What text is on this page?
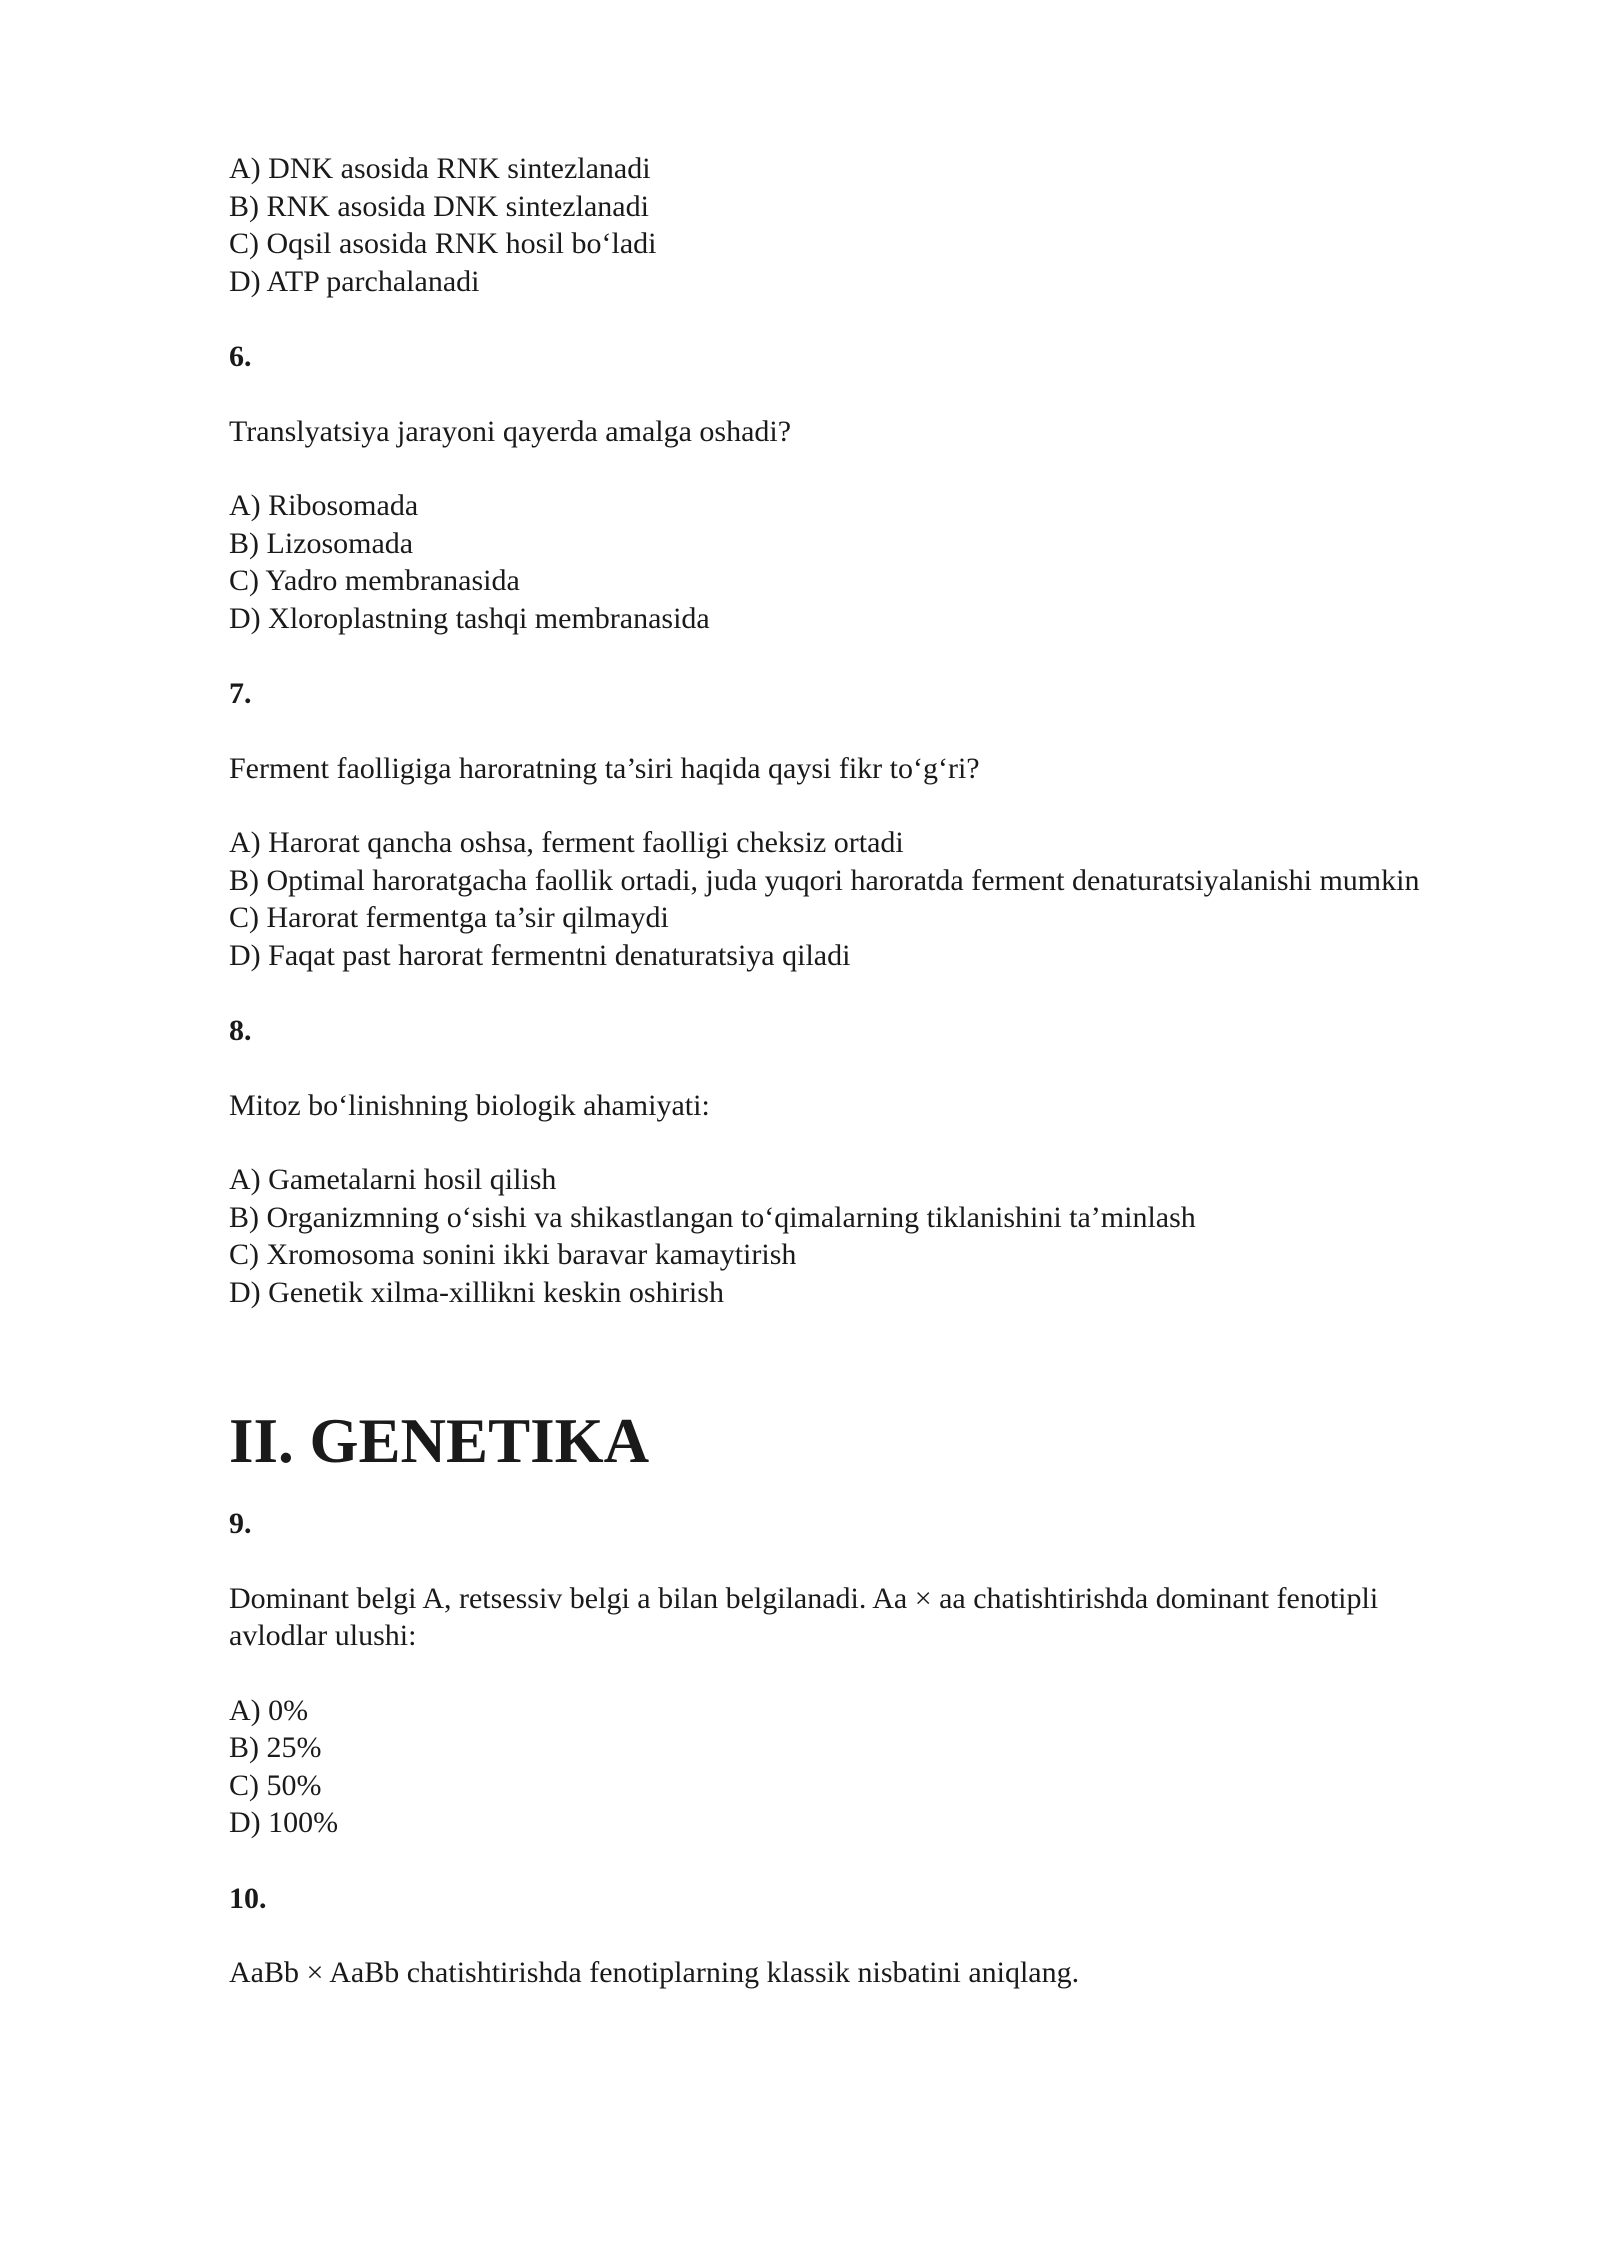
A) DNK asosida RNK sintezlanadi

B) RNK asosida DNK sintezlanadi

C) Oqsil asosida RNK hosil bo‘ladi

D) ATP parchalanadi

6.

Translyatsiya jarayoni qayerda amalga oshadi?

A) Ribosomada

B) Lizosomada

C) Yadro membranasida

D) Xloroplastning tashqi membranasida

7.

Ferment faolligiga haroratning ta’siri haqida qaysi fikr to‘g‘ri?

A) Harorat qancha oshsa, ferment faolligi cheksiz ortadi

B) Optimal haroratgacha faollik ortadi, juda yuqori haroratda ferment denaturatsiyalanishi mumkin

C) Harorat fermentga ta’sir qilmaydi

D) Faqat past harorat fermentni denaturatsiya qiladi

8.

Mitoz bo‘linishning biologik ahamiyati:

A) Gametalarni hosil qilish

B) Organizmning o‘sishi va shikastlangan to‘qimalarning tiklanishini ta’minlash

C) Xromosoma sonini ikki baravar kamaytirish

D) Genetik xilma-xillikni keskin oshirish

II. GENETIKA

9.

Dominant belgi A, retsessiv belgi a bilan belgilanadi. Aa × aa chatishtirishda dominant fenotipli avlodlar ulushi:

A) 0%

B) 25%

C) 50%

D) 100%

10.

AaBb × AaBb chatishtirishda fenotiplarning klassik nisbatini aniqlang.
